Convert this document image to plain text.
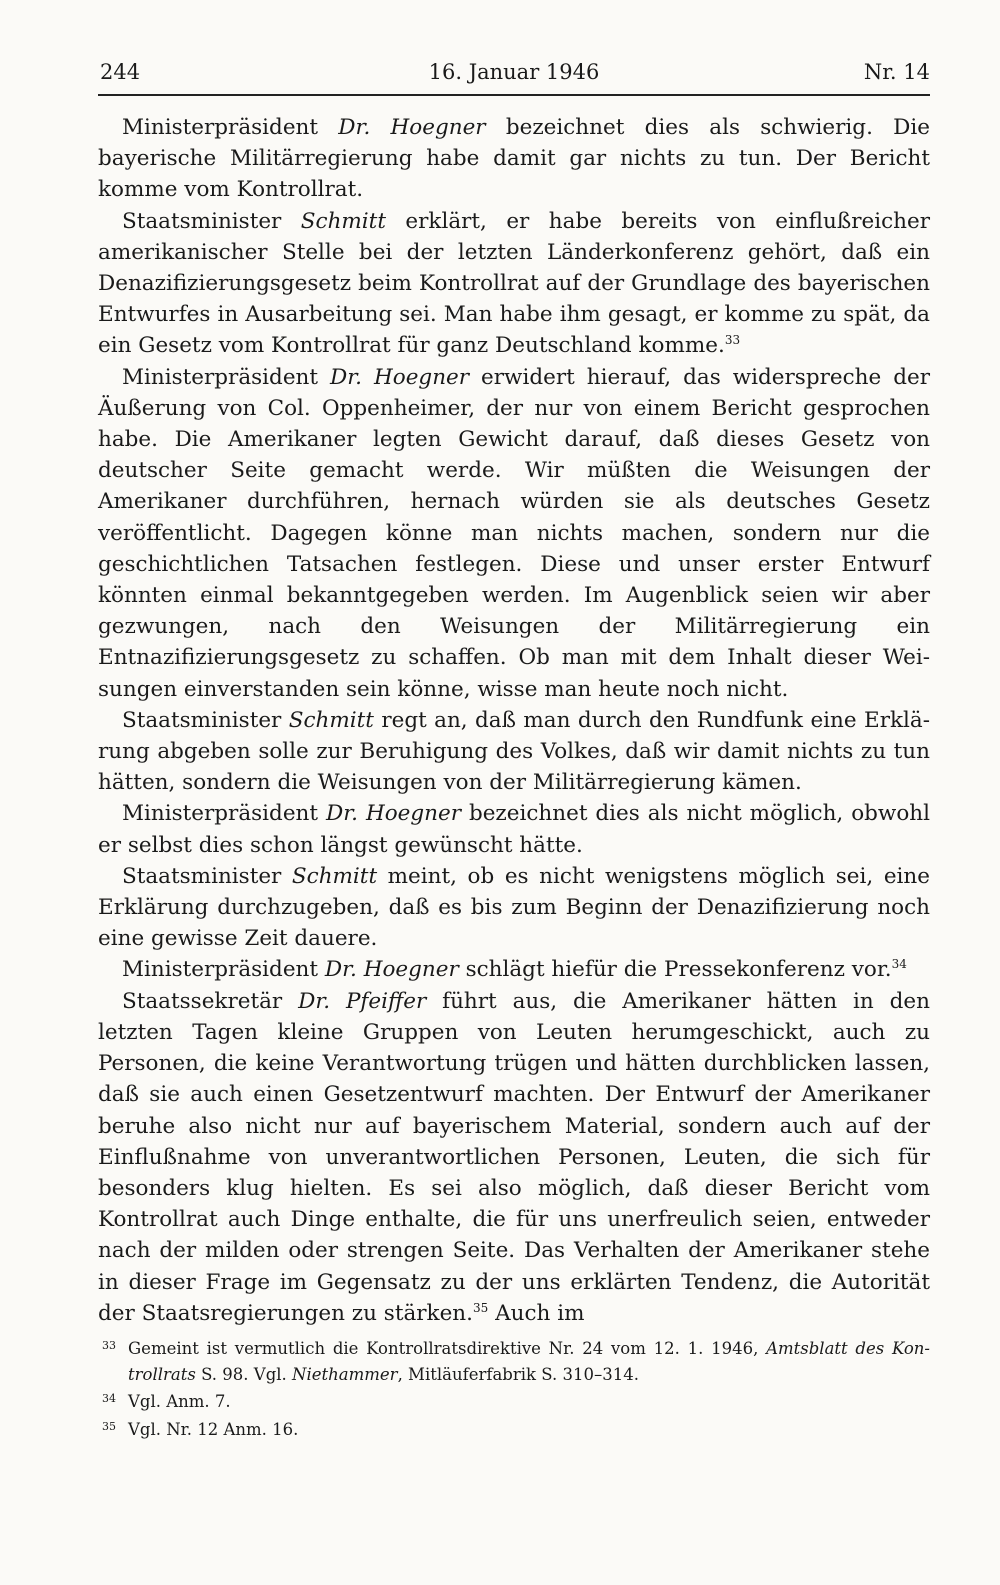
244	16. Januar 1946	Nr. 14

Ministerpräsident Dr. Hoegner bezeichnet dies als schwierig. Die bayerische Militärregierung habe damit gar nichts zu tun. Der Bericht komme vom Kontrollrat.

Staatsminister Schmitt erklärt, er habe bereits von einflußreicher amerikanischer Stelle bei der letzten Länderkonferenz gehört, daß ein Denazifizierungsgesetz beim Kontrollrat auf der Grundlage des bayerischen Entwurfes in Ausarbeitung sei. Man habe ihm gesagt, er komme zu spät, da ein Gesetz vom Kontrollrat für ganz Deutschland komme.$^{33}$

Ministerpräsident Dr. Hoegner erwidert hierauf, das widerspreche der Äußerung von Col. Oppenheimer, der nur von einem Bericht gesprochen habe. Die Amerikaner legten Gewicht darauf, daß dieses Gesetz von deutscher Seite gemacht werde. Wir müßten die Weisungen der Amerikaner durchführen, hernach würden sie als deutsches Gesetz veröffentlicht. Dagegen könne man nichts machen, sondern nur die geschichtlichen Tatsachen festlegen. Diese und unser erster Entwurf könnten einmal bekanntgegeben werden. Im Augenblick seien wir aber gezwungen, nach den Weisungen der Militärregierung ein Entnazifizierungsgesetz zu schaffen. Ob man mit dem Inhalt dieser Weisungen einverstanden sein könne, wisse man heute noch nicht.

Staatsminister Schmitt regt an, daß man durch den Rundfunk eine Erklärung abgeben solle zur Beruhigung des Volkes, daß wir damit nichts zu tun hätten, sondern die Weisungen von der Militärregierung kämen.

Ministerpräsident Dr. Hoegner bezeichnet dies als nicht möglich, obwohl er selbst dies schon längst gewünscht hätte.

Staatsminister Schmitt meint, ob es nicht wenigstens möglich sei, eine Erklärung durchzugeben, daß es bis zum Beginn der Denazifizierung noch eine gewisse Zeit dauere.

Ministerpräsident Dr. Hoegner schlägt hiefür die Pressekonferenz vor.$^{34}$

Staatssekretär Dr. Pfeiffer führt aus, die Amerikaner hätten in den letzten Tagen kleine Gruppen von Leuten herumgeschickt, auch zu Personen, die keine Verantwortung trügen und hätten durchblicken lassen, daß sie auch einen Gesetzentwurf machten. Der Entwurf der Amerikaner beruhe also nicht nur auf bayerischem Material, sondern auch auf der Einflußnahme von unverantwortlichen Personen, Leuten, die sich für besonders klug hielten. Es sei also möglich, daß dieser Bericht vom Kontrollrat auch Dinge enthalte, die für uns unerfreulich seien, entweder nach der milden oder strengen Seite. Das Verhalten der Amerikaner stehe in dieser Frage im Gegensatz zu der uns erklärten Tendenz, die Autorität der Staatsregierungen zu stärken.$^{35}$ Auch im

33 Gemeint ist vermutlich die Kontrollratsdirektive Nr. 24 vom 12. 1. 1946, Amtsblatt des Kontrollrats S. 98. Vgl. Niethammer, Mitläuferfabrik S. 310–314.
34 Vgl. Anm. 7.
35 Vgl. Nr. 12 Anm. 16.
